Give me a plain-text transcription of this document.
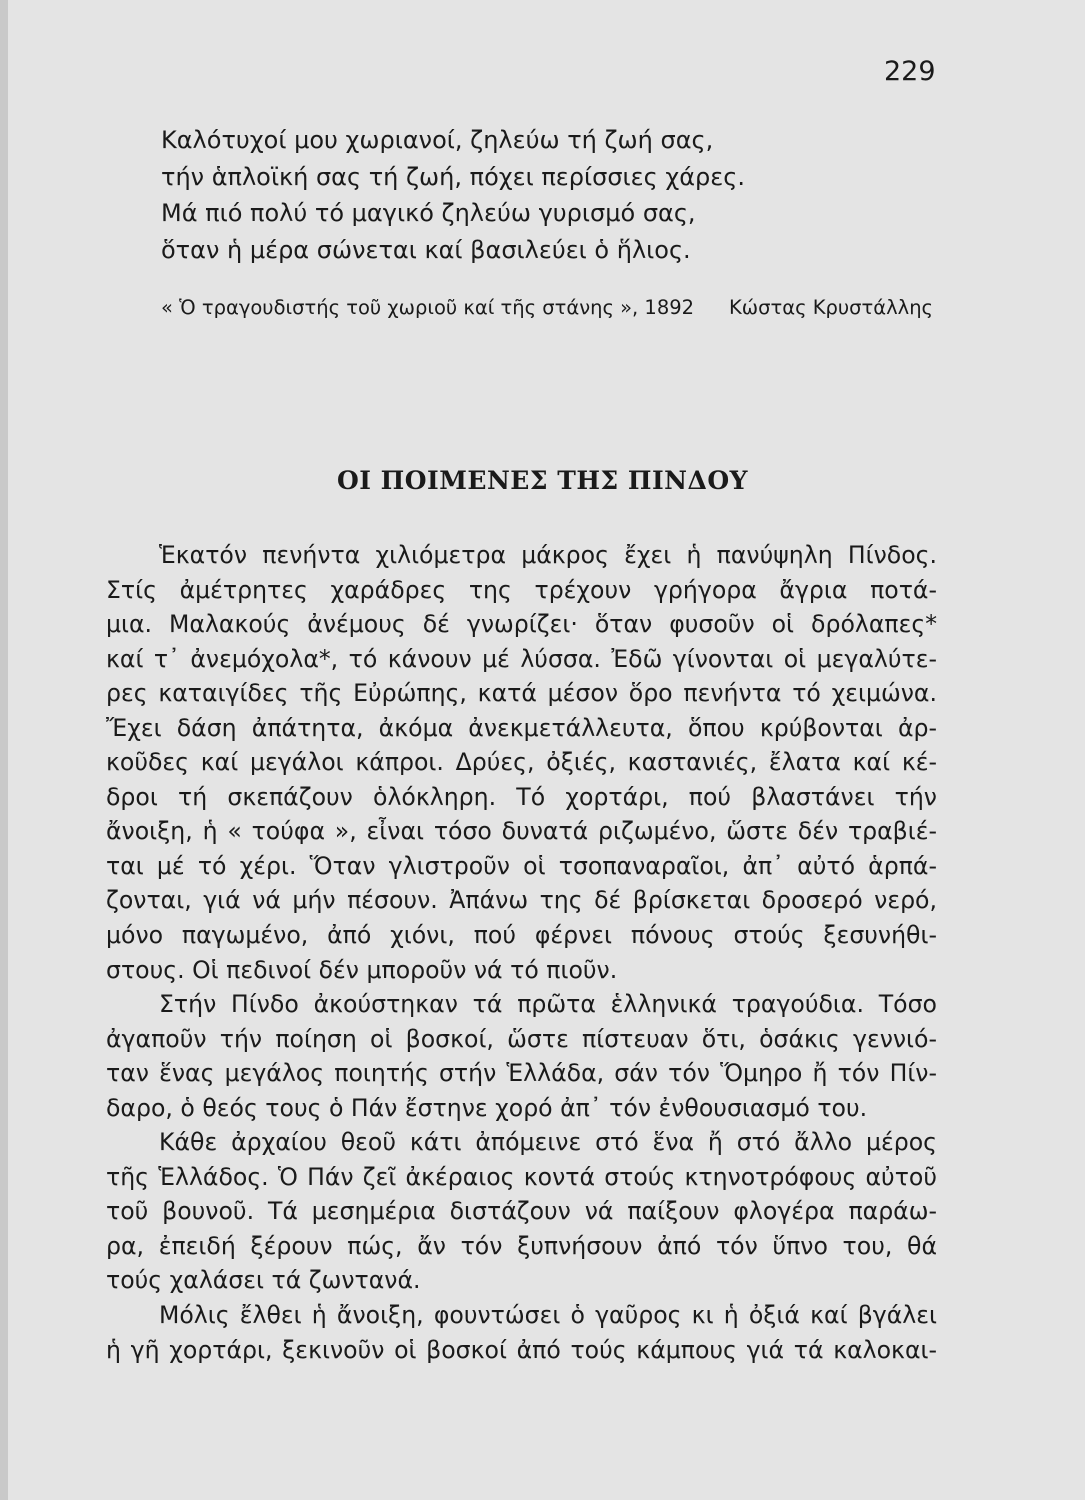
229
Καλότυχοί μου χωριανοί, ζηλεύω τή ζωή σας,
τήν ἁπλοϊκή σας τή ζωή, πόχει περίσσιες χάρες.
Μά πιό πολύ τό μαγικό ζηλεύω γυρισμό σας,
ὅταν ἡ μέρα σώνεται καί βασιλεύει ὁ ἥλιος.
« Ὁ τραγουδιστής τοῦ χωριοῦ καί τῆς στάνης », 1892 Κώστας Κρυστάλλης
ΟΙ ΠΟΙΜΕΝΕΣ ΤΗΣ ΠΙΝΔΟΥ
Ἑκατόν πενήντα χιλιόμετρα μάκρος ἔχει ἡ πανύψηλη Πίνδος.
Στίς ἀμέτρητες χαράδρες της τρέχουν γρήγορα ἄγρια ποτά-
μια. Μαλακούς ἀνέμους δέ γνωρίζει· ὅταν φυσοῦν οἱ δρόλαπες*
καί τ᾽ ἀνεμόχολα*, τό κάνουν μέ λύσσα. Ἐδῶ γίνονται οἱ μεγαλύτε-
ρες καταιγίδες τῆς Εὐρώπης, κατά μέσον ὅρο πενήντα τό χειμώνα.
Ἔχει δάση ἀπάτητα, ἀκόμα ἀνεκμετάλλευτα, ὅπου κρύβονται ἀρ-
κοῦδες καί μεγάλοι κάπροι. Δρύες, ὀξιές, καστανιές, ἔλατα καί κέ-
δροι τή σκεπάζουν ὁλόκληρη. Τό χορτάρι, πού βλαστάνει τήν
ἄνοιξη, ἡ « τούφα », εἶναι τόσο δυνατά ριζωμένο, ὥστε δέν τραβιέ-
ται μέ τό χέρι. Ὅταν γλιστροῦν οἱ τσοπαναραῖοι, ἀπ᾽ αὐτό ἁρπά-
ζονται, γιά νά μήν πέσουν. Ἀπάνω της δέ βρίσκεται δροσερό νερό,
μόνο παγωμένο, ἀπό χιόνι, πού φέρνει πόνους στούς ξεσυνήθι-
στους. Οἱ πεδινοί δέν μποροῦν νά τό πιοῦν.
Στήν Πίνδο ἀκούστηκαν τά πρῶτα ἑλληνικά τραγούδια. Τόσο
ἀγαποῦν τήν ποίηση οἱ βοσκοί, ὥστε πίστευαν ὅτι, ὁσάκις γεννιό-
ταν ἕνας μεγάλος ποιητής στήν Ἑλλάδα, σάν τόν Ὅμηρο ἤ τόν Πίν-
δαρο, ὁ θεός τους ὁ Πάν ἔστηνε χορό ἀπ᾽ τόν ἐνθουσιασμό του.
Κάθε ἀρχαίου θεοῦ κάτι ἀπόμεινε στό ἕνα ἤ στό ἄλλο μέρος
τῆς Ἑλλάδος. Ὁ Πάν ζεῖ ἀκέραιος κοντά στούς κτηνοτρόφους αὐτοῦ
τοῦ βουνοῦ. Τά μεσημέρια διστάζουν νά παίξουν φλογέρα παράω-
ρα, ἐπειδή ξέρουν πώς, ἄν τόν ξυπνήσουν ἀπό τόν ὕπνο του, θά
τούς χαλάσει τά ζωντανά.
Μόλις ἔλθει ἡ ἄνοιξη, φουντώσει ὁ γαῦρος κι ἡ ὀξιά καί βγάλει
ἡ γῆ χορτάρι, ξεκινοῦν οἱ βοσκοί ἀπό τούς κάμπους γιά τά καλοκαι-
